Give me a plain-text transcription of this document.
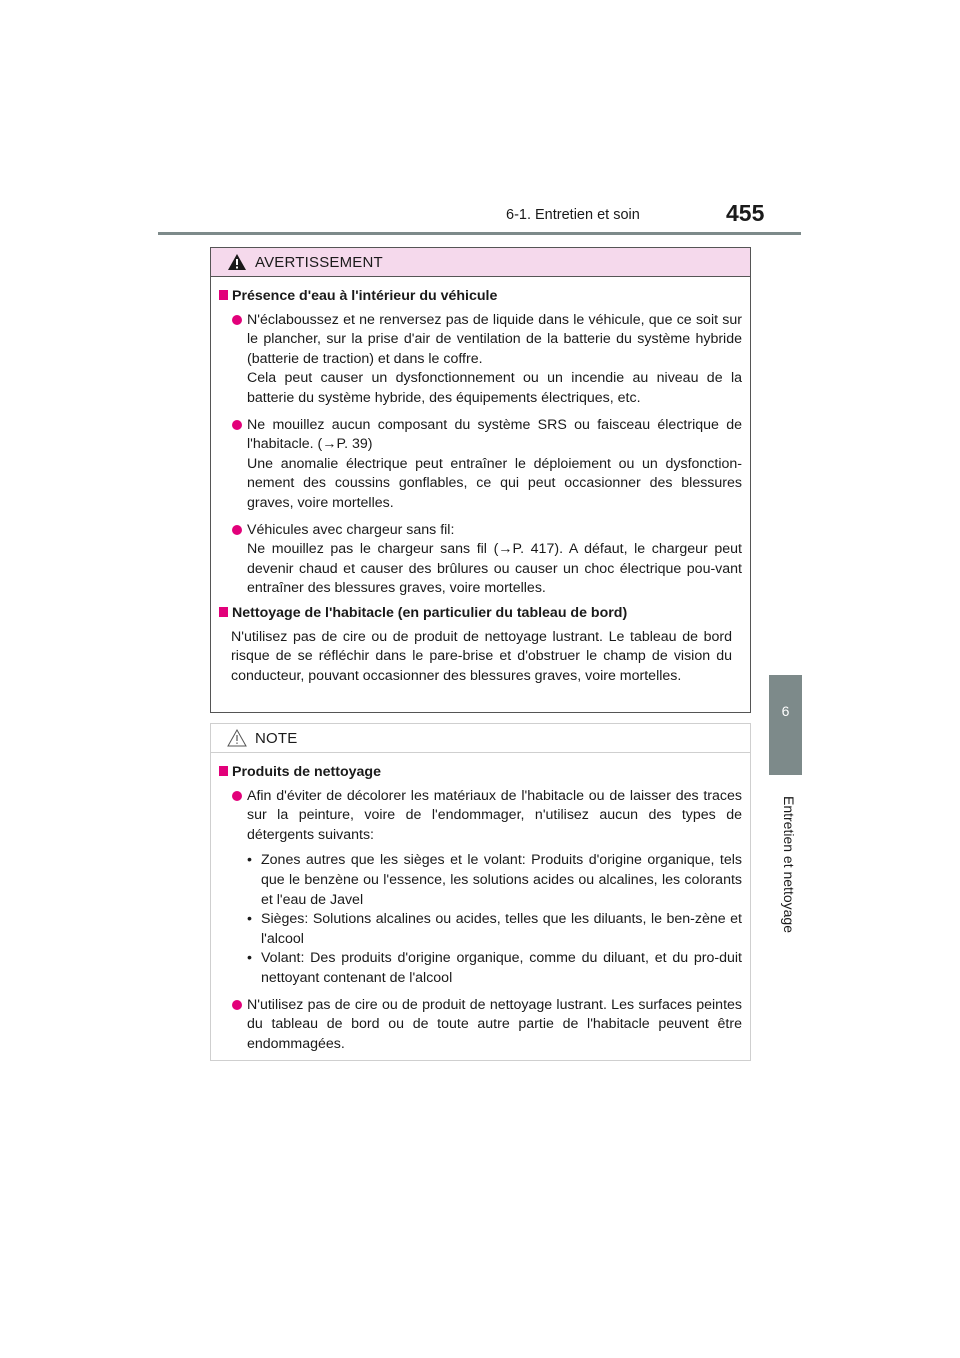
6-1. Entretien et soin	455
6
Entretien et nettoyage
AVERTISSEMENT
Présence d'eau à l'intérieur du véhicule

N'éclaboussez et ne renversez pas de liquide dans le véhicule, que ce soit sur le plancher, sur la prise d'air de ventilation de la batterie du système hybride (batterie de traction) et dans le coffre.

Cela peut causer un dysfonctionnement ou un incendie au niveau de la batterie du système hybride, des équipements électriques, etc.

Ne mouillez aucun composant du système SRS ou faisceau électrique de l'habitacle. (→P. 39)

Une anomalie électrique peut entraîner le déploiement ou un dysfonction-nement des coussins gonflables, ce qui peut occasionner des blessures graves, voire mortelles.

Véhicules avec chargeur sans fil:

Ne mouillez pas le chargeur sans fil (→P. 417). A défaut, le chargeur peut devenir chaud et causer des brûlures ou causer un choc électrique pou-vant entraîner des blessures graves, voire mortelles.

Nettoyage de l'habitacle (en particulier du tableau de bord)

N'utilisez pas de cire ou de produit de nettoyage lustrant. Le tableau de bord risque de se réfléchir dans le pare-brise et d'obstruer le champ de vision du conducteur, pouvant occasionner des blessures graves, voire mortelles.

NOTE
Produits de nettoyage

Afin d'éviter de décolorer les matériaux de l'habitacle ou de laisser des traces sur la peinture, voire de l'endommager, n'utilisez aucun des types de détergents suivants:

• Zones autres que les sièges et le volant: Produits d'origine organique, tels que le benzène ou l'essence, les solutions acides ou alcalines, les colorants et l'eau de Javel
• Sièges: Solutions alcalines ou acides, telles que les diluants, le ben-zène et l'alcool
• Volant: Des produits d'origine organique, comme du diluant, et du pro-duit nettoyant contenant de l'alcool

N'utilisez pas de cire ou de produit de nettoyage lustrant. Les surfaces peintes du tableau de bord ou de toute autre partie de l'habitacle peuvent être endommagées.
